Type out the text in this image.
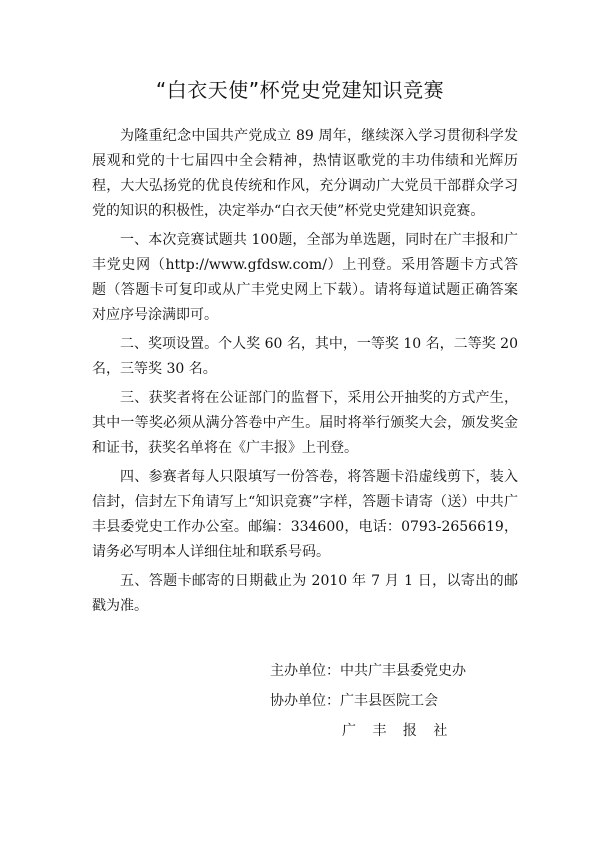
“白衣天使”杯党史党建知识竞赛

为隆重纪念中国共产党成立 89 周年，继续深入学习贯彻科学发展观和党的十七届四中全会精神，热情讴歌党的丰功伟绩和光辉历程，大大弘扬党的优良传统和作风，充分调动广大党员干部群众学习党的知识的积极性，决定举办“白衣天使”杯党史党建知识竞赛。

一、本次竞赛试题共 100题，全部为单选题，同时在广丰报和广丰党史网（http://www.gfdsw.com/）上刊登。采用答题卡方式答题（答题卡可复印或从广丰党史网上下载）。请将每道试题正确答案对应序号涂满即可。

二、奖项设置。个人奖 60 名，其中，一等奖 10 名，二等奖 20 名，三等奖 30 名。

三、获奖者将在公证部门的监督下，采用公开抽奖的方式产生，其中一等奖必须从满分答卷中产生。届时将举行颁奖大会，颁发奖金和证书，获奖名单将在《广丰报》上刊登。

四、参赛者每人只限填写一份答卷，将答题卡沿虚线剪下，装入信封，信封左下角请写上“知识竞赛”字样，答题卡请寄（送）中共广丰县委党史工作办公室。邮编：334600，电话：0793-2656619，请务必写明本人详细住址和联系号码。

五、答题卡邮寄的日期截止为 2010 年 7 月 1 日，以寄出的邮戳为准。

主办单位：中共广丰县委党史办
协办单位：广丰县医院工会
广 丰 报 社
